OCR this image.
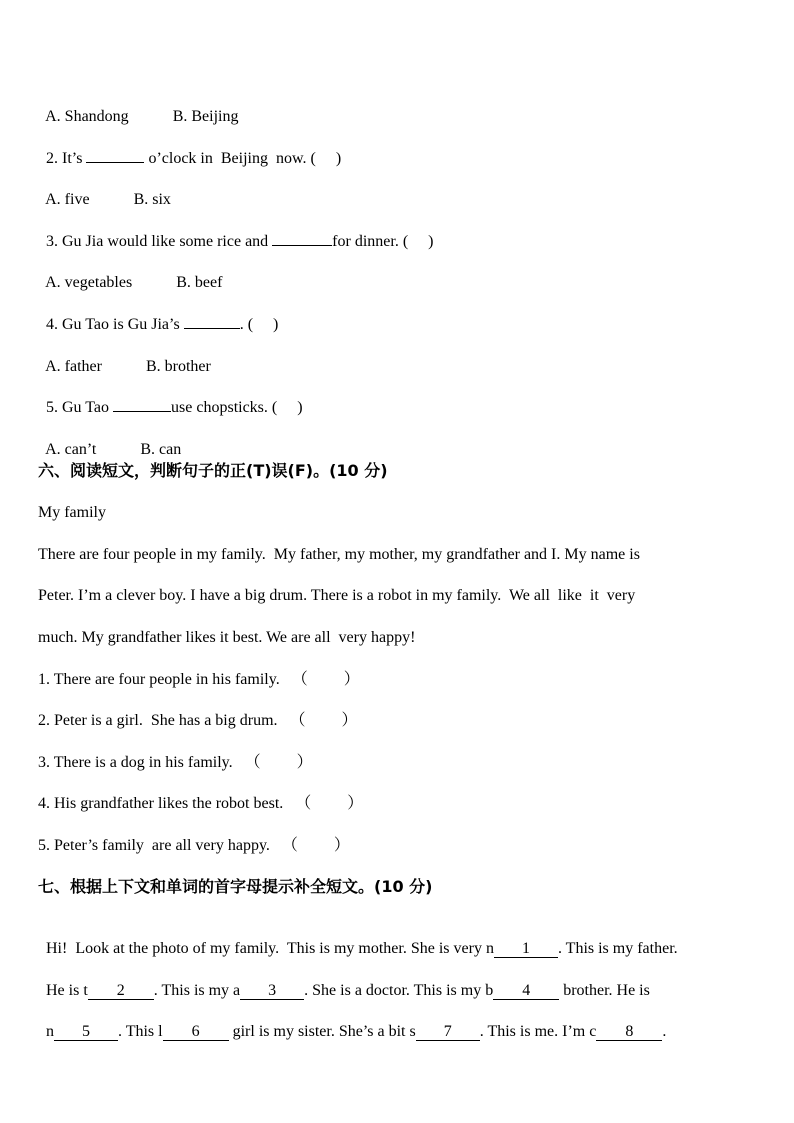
A. Shandong	B. Beijing

2. It’s	o’clock in  Beijing  now. (     )

A. five	B. six

3. Gu Jia would like some rice and	for dinner. (     )

A. vegetables	B. beef

4. Gu Tao is Gu Jia’s	. (     )

A. father	B. brother

5. Gu Tao	use chopsticks. (     )

A. can’t	B. can

六、阅读短文，判断句子的正(T)误(F)。(10 分)
My family
There are four people in my family.  My father, my mother, my grandfather and I. My name is
Peter. I’m a clever boy. I have a big drum. There is a robot in my family.  We all  like  it  very
much. My grandfather likes it best. We are all  very happy!
1. There are four people in his family.   （         ）
2. Peter is a girl.  She has a big drum.   （         ）
3. There is a dog in his family.   （         ）
4. His grandfather likes the robot best.   （         ）
5. Peter’s family  are all very happy.   （         ）
七、根据上下文和单词的首字母提示补全短文。(10 分)

Hi!  Look at the photo of my family.  This is my mother. She is very n 1 . This is my father.

He is t 2 . This is my a 3 . She is a doctor. This is my b 4 brother. He is

n 5 . This l 6 girl is my sister. She’s a bit s 7 . This is me. I’m c 8 .
